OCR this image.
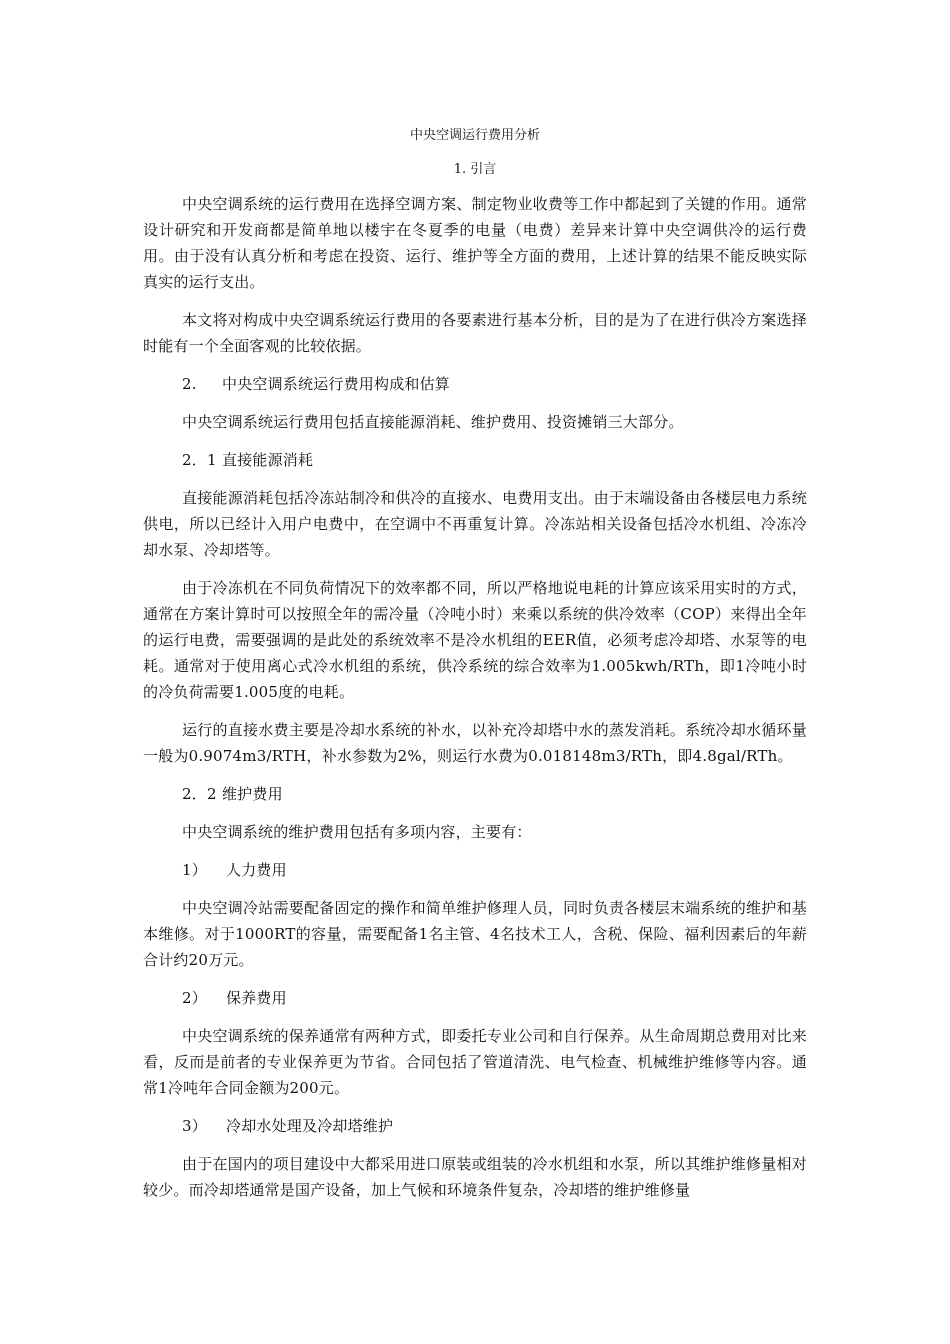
中央空调运行费用分析
1. 引言

中央空调系统的运行费用在选择空调方案、制定物业收费等工作中都起到了关键的作用。通常设计研究和开发商都是简单地以楼宇在冬夏季的电量（电费）差异来计算中央空调供冷的运行费用。由于没有认真分析和考虑在投资、运行、维护等全方面的费用，上述计算的结果不能反映实际真实的运行支出。

本文将对构成中央空调系统运行费用的各要素进行基本分析，目的是为了在进行供冷方案选择时能有一个全面客观的比较依据。

2. 中央空调系统运行费用构成和估算

中央空调系统运行费用包括直接能源消耗、维护费用、投资摊销三大部分。

2．1 直接能源消耗

直接能源消耗包括冷冻站制冷和供冷的直接水、电费用支出。由于末端设备由各楼层电力系统供电，所以已经计入用户电费中，在空调中不再重复计算。冷冻站相关设备包括冷水机组、冷冻冷却水泵、冷却塔等。

由于冷冻机在不同负荷情况下的效率都不同，所以严格地说电耗的计算应该采用实时的方式，通常在方案计算时可以按照全年的需冷量（冷吨小时）来乘以系统的供冷效率（COP）来得出全年的运行电费，需要强调的是此处的系统效率不是冷水机组的EER值，必须考虑冷却塔、水泵等的电耗。通常对于使用离心式冷水机组的系统，供冷系统的综合效率为1.005kwh/RTh，即1冷吨小时的冷负荷需要1.005度的电耗。

运行的直接水费主要是冷却水系统的补水，以补充冷却塔中水的蒸发消耗。系统冷却水循环量一般为0.9074m3/RTH，补水参数为2%，则运行水费为0.018148m3/RTh，即4.8gal/RTh。

2．2 维护费用

中央空调系统的维护费用包括有多项内容，主要有：

1） 人力费用

中央空调冷站需要配备固定的操作和简单维护修理人员，同时负责各楼层末端系统的维护和基本维修。对于1000RT的容量，需要配备1名主管、4名技术工人，含税、保险、福利因素后的年薪合计约20万元。

2） 保养费用

中央空调系统的保养通常有两种方式，即委托专业公司和自行保养。从生命周期总费用对比来看，反而是前者的专业保养更为节省。合同包括了管道清洗、电气检查、机械维护维修等内容。通常1冷吨年合同金额为200元。

3） 冷却水处理及冷却塔维护

由于在国内的项目建设中大都采用进口原装或组装的冷水机组和水泵，所以其维护维修量相对较少。而冷却塔通常是国产设备，加上气候和环境条件复杂，冷却塔的维护维修量
